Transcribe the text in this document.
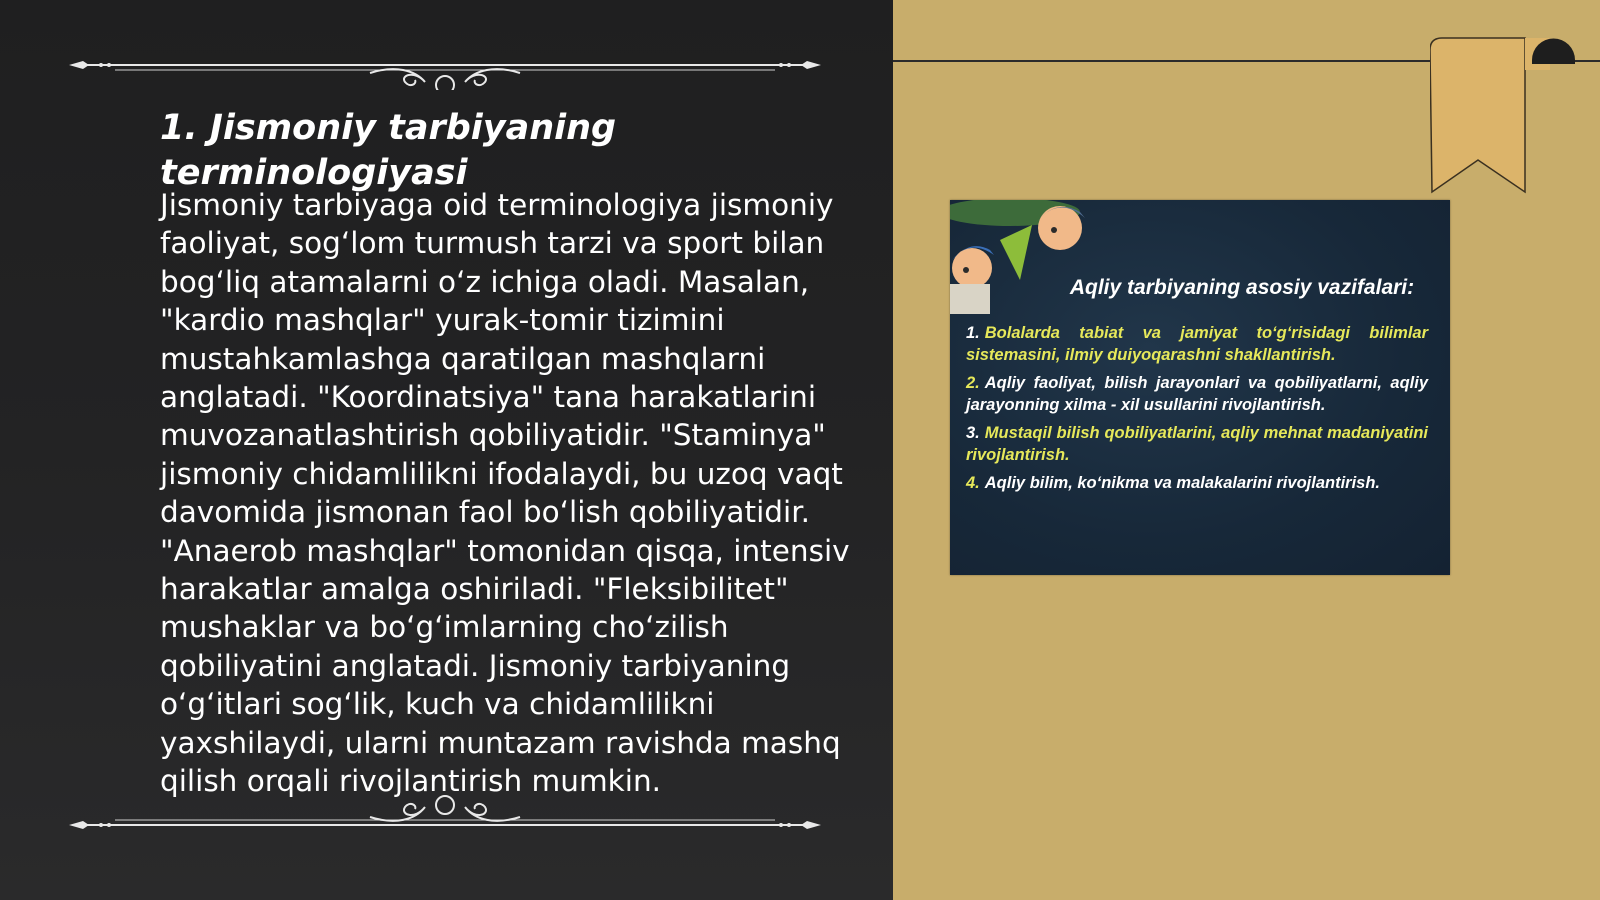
1. Jismoniy tarbiyaning terminologiyasi

Jismoniy tarbiyaga oid terminologiya jismoniy faoliyat, sog‘lom turmush tarzi va sport bilan bog‘liq atamalarni o‘z ichiga oladi. Masalan, "kardio mashqlar" yurak-tomir tizimini mustahkamlashga qaratilgan mashqlarni anglatadi. "Koordinatsiya" tana harakatlarini muvozanatlashtirish qobiliyatidir. "Staminya" jismoniy chidamlilikni ifodalaydi, bu uzoq vaqt davomida jismonan faol bo‘lish qobiliyatidir. "Anaerob mashqlar" tomonidan qisqa, intensiv harakatlar amalga oshiriladi. "Fleksibilitet" mushaklar va bo‘g‘imlarning cho‘zilish qobiliyatini anglatadi. Jismoniy tarbiyaning o‘g‘itlari sog‘lik, kuch va chidamlilikni yaxshilaydi, ularni muntazam ravishda mashq qilish orqali rivojlantirish mumkin.

Aqliy tarbiyaning asosiy vazifalari:
1. Bolalarda tabiat va jamiyat to‘g‘risidagi bilimlar sistemasini, ilmiy duiyoqarashni shakllantirish.
2. Aqliy faoliyat, bilish jarayonlari va qobiliyatlarni, aqliy jarayonning xilma - xil usullarini rivojlantirish.
3. Mustaqil bilish qobiliyatlarini, aqliy mehnat madaniyatini rivojlantirish.
4. Aqliy bilim, ko‘nikma va malakalarini rivojlantirish.
